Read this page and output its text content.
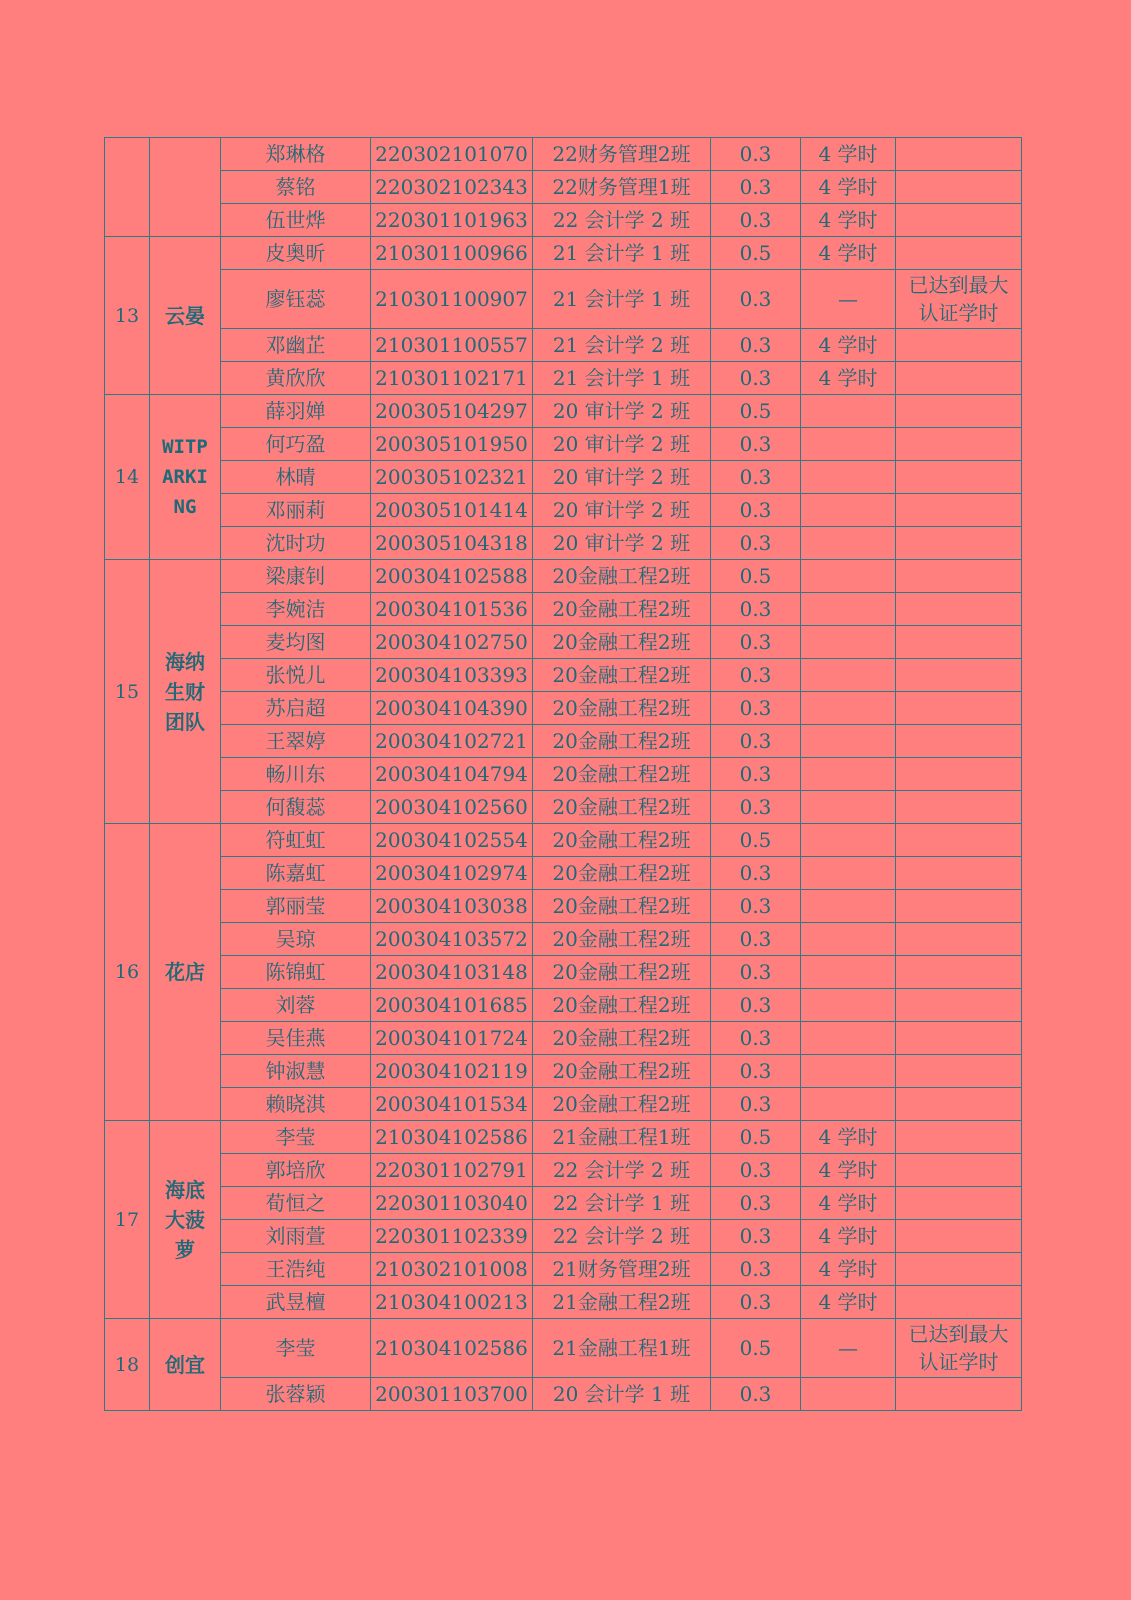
		郑琳格	220302101070	22财务管理2班	0.3	4 学时	
		蔡铭	220302102343	22财务管理1班	0.3	4 学时	
		伍世烨	220301101963	22 会计学 2 班	0.3	4 学时	
13	云晏	皮奥昕	210301100966	21 会计学 1 班	0.5	4 学时	
		廖钰蕊	210301100907	21 会计学 1 班	0.3	—	已达到最大认证学时
		邓幽芷	210301100557	21 会计学 2 班	0.3	4 学时	
		黄欣欣	210301102171	21 会计学 1 班	0.3	4 学时	
14	WITPARKING	薛羽婵	200305104297	20 审计学 2 班	0.5		
		何巧盈	200305101950	20 审计学 2 班	0.3		
		林晴	200305102321	20 审计学 2 班	0.3		
		邓丽莉	200305101414	20 审计学 2 班	0.3		
		沈时功	200305104318	20 审计学 2 班	0.3		
15	海纳生财团队	梁康钊	200304102588	20金融工程2班	0.5		
		李婉洁	200304101536	20金融工程2班	0.3		
		麦均图	200304102750	20金融工程2班	0.3		
		张悦儿	200304103393	20金融工程2班	0.3		
		苏启超	200304104390	20金融工程2班	0.3		
		王翠婷	200304102721	20金融工程2班	0.3		
		畅川东	200304104794	20金融工程2班	0.3		
		何馥蕊	200304102560	20金融工程2班	0.3		
16	花店	符虹虹	200304102554	20金融工程2班	0.5		
		陈嘉虹	200304102974	20金融工程2班	0.3		
		郭丽莹	200304103038	20金融工程2班	0.3		
		吴琼	200304103572	20金融工程2班	0.3		
		陈锦虹	200304103148	20金融工程2班	0.3		
		刘蓉	200304101685	20金融工程2班	0.3		
		吴佳燕	200304101724	20金融工程2班	0.3		
		钟淑慧	200304102119	20金融工程2班	0.3		
		赖晓淇	200304101534	20金融工程2班	0.3		
17	海底大菠萝	李莹	210304102586	21金融工程1班	0.5	4 学时	
		郭培欣	220301102791	22 会计学 2 班	0.3	4 学时	
		荀恒之	220301103040	22 会计学 1 班	0.3	4 学时	
		刘雨萱	220301102339	22 会计学 2 班	0.3	4 学时	
		王浩纯	210302101008	21财务管理2班	0.3	4 学时	
		武昱檀	210304100213	21金融工程2班	0.3	4 学时	
18	创宜	李莹	210304102586	21金融工程1班	0.5	—	已达到最大认证学时
		张蓉颖	200301103700	20 会计学 1 班	0.3		
